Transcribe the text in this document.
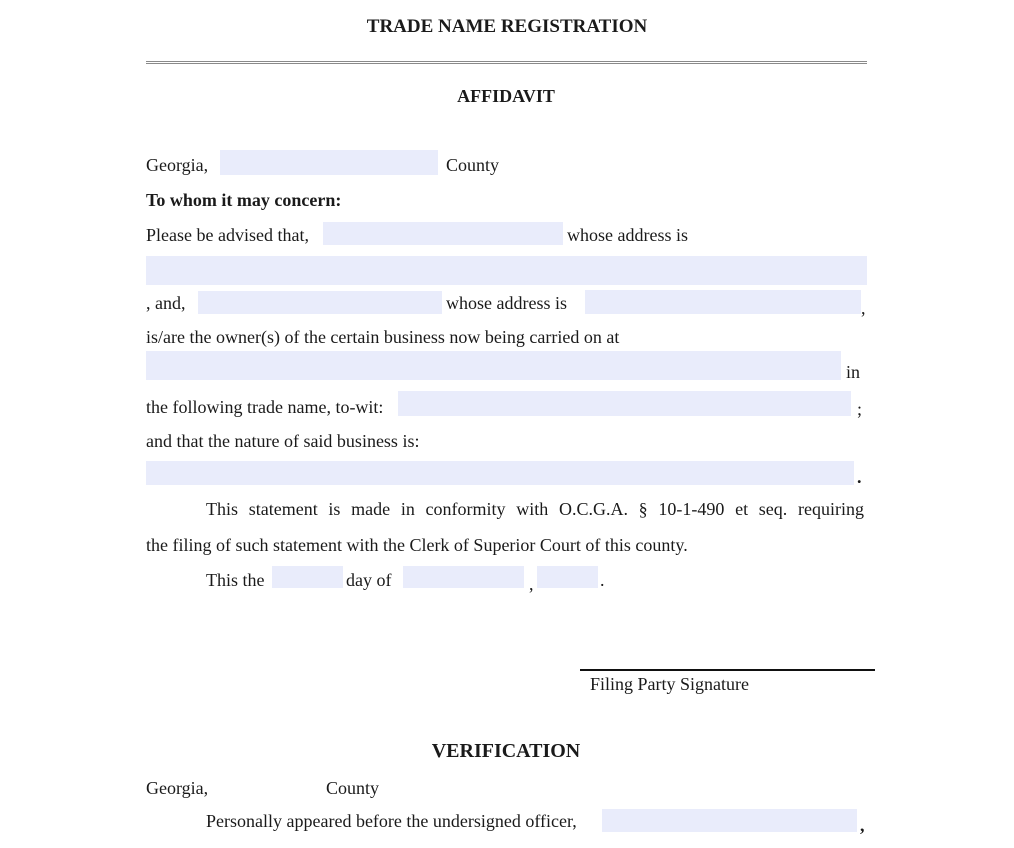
TRADE NAME REGISTRATION
AFFIDAVIT
Georgia,	County
To whom it may concern:
Please be advised that,	whose address is
, and,	whose address is	,
is/are the owner(s) of the certain business now being carried on at
in
the following trade name, to-wit:	;
and that the nature of said business is:
.
This statement is made in conformity with O.C.G.A. § 10-1-490 et seq. requiring
the filing of such statement with the Clerk of Superior Court of this county.
This the	day of	,	.
Filing Party Signature
VERIFICATION
Georgia,	County
Personally appeared before the undersigned officer,	,
